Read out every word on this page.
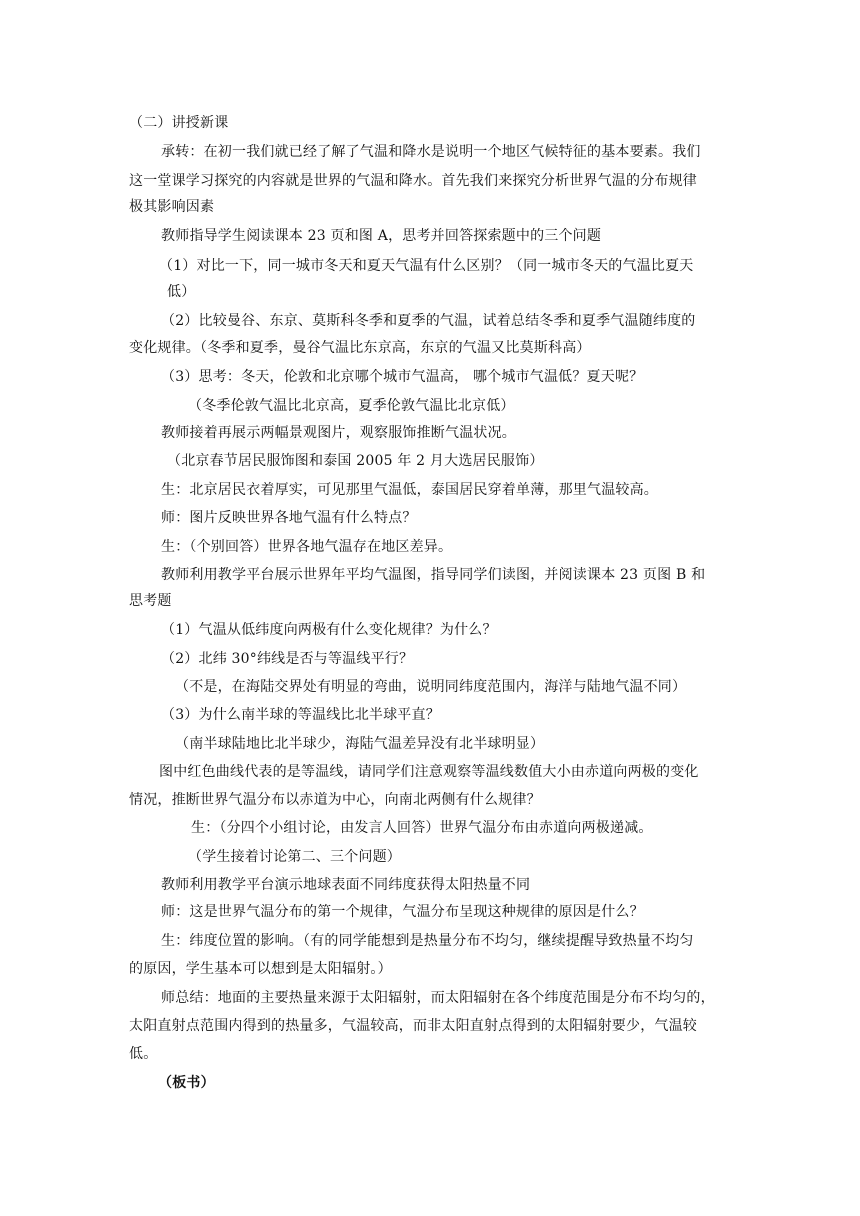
（二）讲授新课
承转：在初一我们就已经了解了气温和降水是说明一个地区气候特征的基本要素。我们
这一堂课学习探究的内容就是世界的气温和降水。首先我们来探究分析世界气温的分布规律
极其影响因素
教师指导学生阅读课本 23 页和图 A，思考并回答探索题中的三个问题
（1）对比一下，同一城市冬天和夏天气温有什么区别？（同一城市冬天的气温比夏天
低）
（2）比较曼谷、东京、莫斯科冬季和夏季的气温，试着总结冬季和夏季气温随纬度的
变化规律。（冬季和夏季，曼谷气温比东京高，东京的气温又比莫斯科高）
（3）思考：冬天，伦敦和北京哪个城市气温高， 哪个城市气温低？夏天呢？
（冬季伦敦气温比北京高，夏季伦敦气温比北京低）
教师接着再展示两幅景观图片，观察服饰推断气温状况。
（北京春节居民服饰图和泰国 2005 年 2 月大选居民服饰）
生：北京居民衣着厚实，可见那里气温低，泰国居民穿着单薄，那里气温较高。
师：图片反映世界各地气温有什么特点？
生：（个别回答）世界各地气温存在地区差异。
教师利用教学平台展示世界年平均气温图，指导同学们读图，并阅读课本 23 页图 B 和
思考题
（1）气温从低纬度向两极有什么变化规律？为什么？
（2）北纬 30°纬线是否与等温线平行？
（不是，在海陆交界处有明显的弯曲，说明同纬度范围内，海洋与陆地气温不同）
（3）为什么南半球的等温线比北半球平直？
（南半球陆地比北半球少，海陆气温差异没有北半球明显）
图中红色曲线代表的是等温线，请同学们注意观察等温线数值大小由赤道向两极的变化
情况，推断世界气温分布以赤道为中心，向南北两侧有什么规律？
生：（分四个小组讨论，由发言人回答）世界气温分布由赤道向两极递减。
（学生接着讨论第二、三个问题）
教师利用教学平台演示地球表面不同纬度获得太阳热量不同
师：这是世界气温分布的第一个规律，气温分布呈现这种规律的原因是什么？
生：纬度位置的影响。（有的同学能想到是热量分布不均匀，继续提醒导致热量不均匀
的原因，学生基本可以想到是太阳辐射。）
师总结：地面的主要热量来源于太阳辐射，而太阳辐射在各个纬度范围是分布不均匀的，
太阳直射点范围内得到的热量多，气温较高，而非太阳直射点得到的太阳辐射要少，气温较
低。
（板书）
